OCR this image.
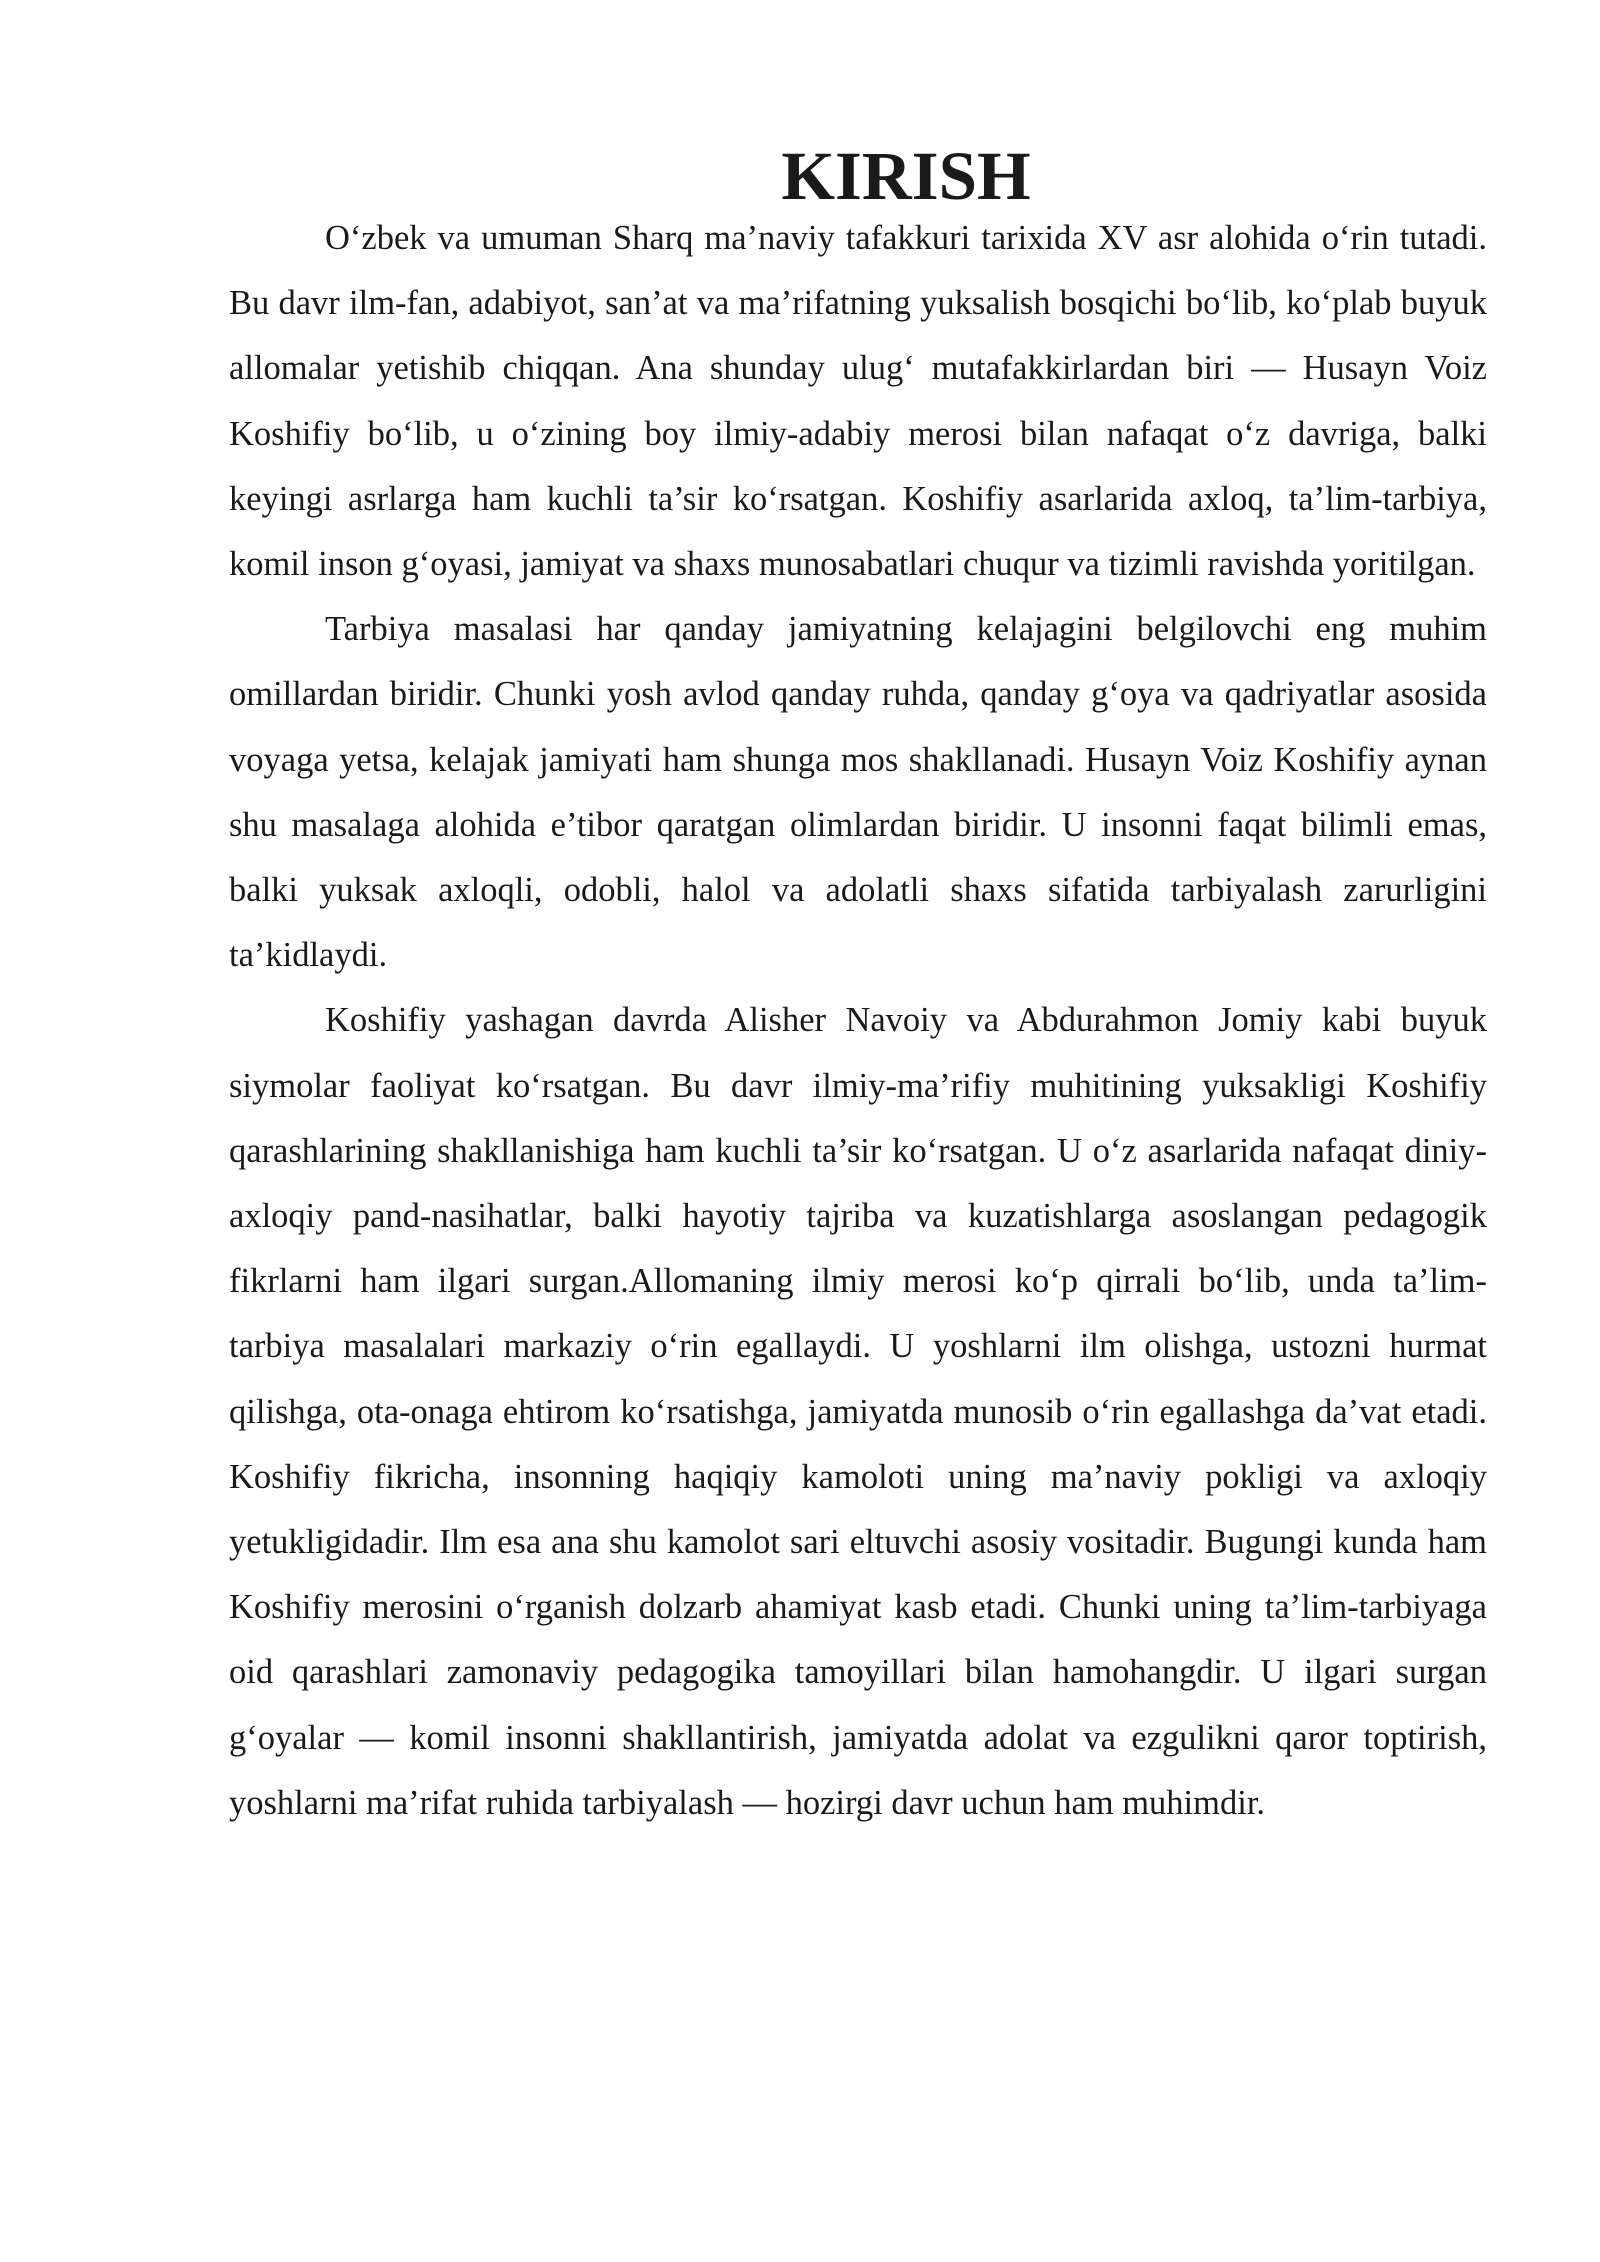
KIRISH

O‘zbek va umuman Sharq ma’naviy tafakkuri tarixida XV asr alohida o‘rin tutadi. Bu davr ilm-fan, adabiyot, san’at va ma’rifatning yuksalish bosqichi bo‘lib, ko‘plab buyuk allomalar yetishib chiqqan. Ana shunday ulug‘ mutafakkirlardan biri — Husayn Voiz Koshifiy bo‘lib, u o‘zining boy ilmiy-adabiy merosi bilan nafaqat o‘z davriga, balki keyingi asrlarga ham kuchli ta’sir ko‘rsatgan. Koshifiy asarlarida axloq, ta’lim-tarbiya, komil inson g‘oyasi, jamiyat va shaxs munosabatlari chuqur va tizimli ravishda yoritilgan.

Tarbiya masalasi har qanday jamiyatning kelajagini belgilovchi eng muhim omillardan biridir. Chunki yosh avlod qanday ruhda, qanday g‘oya va qadriyatlar asosida voyaga yetsa, kelajak jamiyati ham shunga mos shakllanadi. Husayn Voiz Koshifiy aynan shu masalaga alohida e’tibor qaratgan olimlardan biridir. U insonni faqat bilimli emas, balki yuksak axloqli, odobli, halol va adolatli shaxs sifatida tarbiyalash zarurligini ta’kidlaydi.

Koshifiy yashagan davrda Alisher Navoiy va Abdurahmon Jomiy kabi buyuk siymolar faoliyat ko‘rsatgan. Bu davr ilmiy-ma’rifiy muhitining yuksakligi Koshifiy qarashlarining shakllanishiga ham kuchli ta’sir ko‘rsatgan. U o‘z asarlarida nafaqat diniy-axloqiy pand-nasihatlar, balki hayotiy tajriba va kuzatishlarga asoslangan pedagogik fikrlarni ham ilgari surgan.Allomaning ilmiy merosi ko‘p qirrali bo‘lib, unda ta’lim-tarbiya masalalari markaziy o‘rin egallaydi. U yoshlarni ilm olishga, ustozni hurmat qilishga, ota-onaga ehtirom ko‘rsatishga, jamiyatda munosib o‘rin egallashga da’vat etadi. Koshifiy fikricha, insonning haqiqiy kamoloti uning ma’naviy pokligi va axloqiy yetukligidadir. Ilm esa ana shu kamolot sari eltuvchi asosiy vositadir. Bugungi kunda ham Koshifiy merosini o‘rganish dolzarb ahamiyat kasb etadi. Chunki uning ta’lim-tarbiyaga oid qarashlari zamonaviy pedagogika tamoyillari bilan hamohangdir. U ilgari surgan g‘oyalar — komil insonni shakllantirish, jamiyatda adolat va ezgulikni qaror toptirish, yoshlarni ma’rifat ruhida tarbiyalash — hozirgi davr uchun ham muhimdir.
